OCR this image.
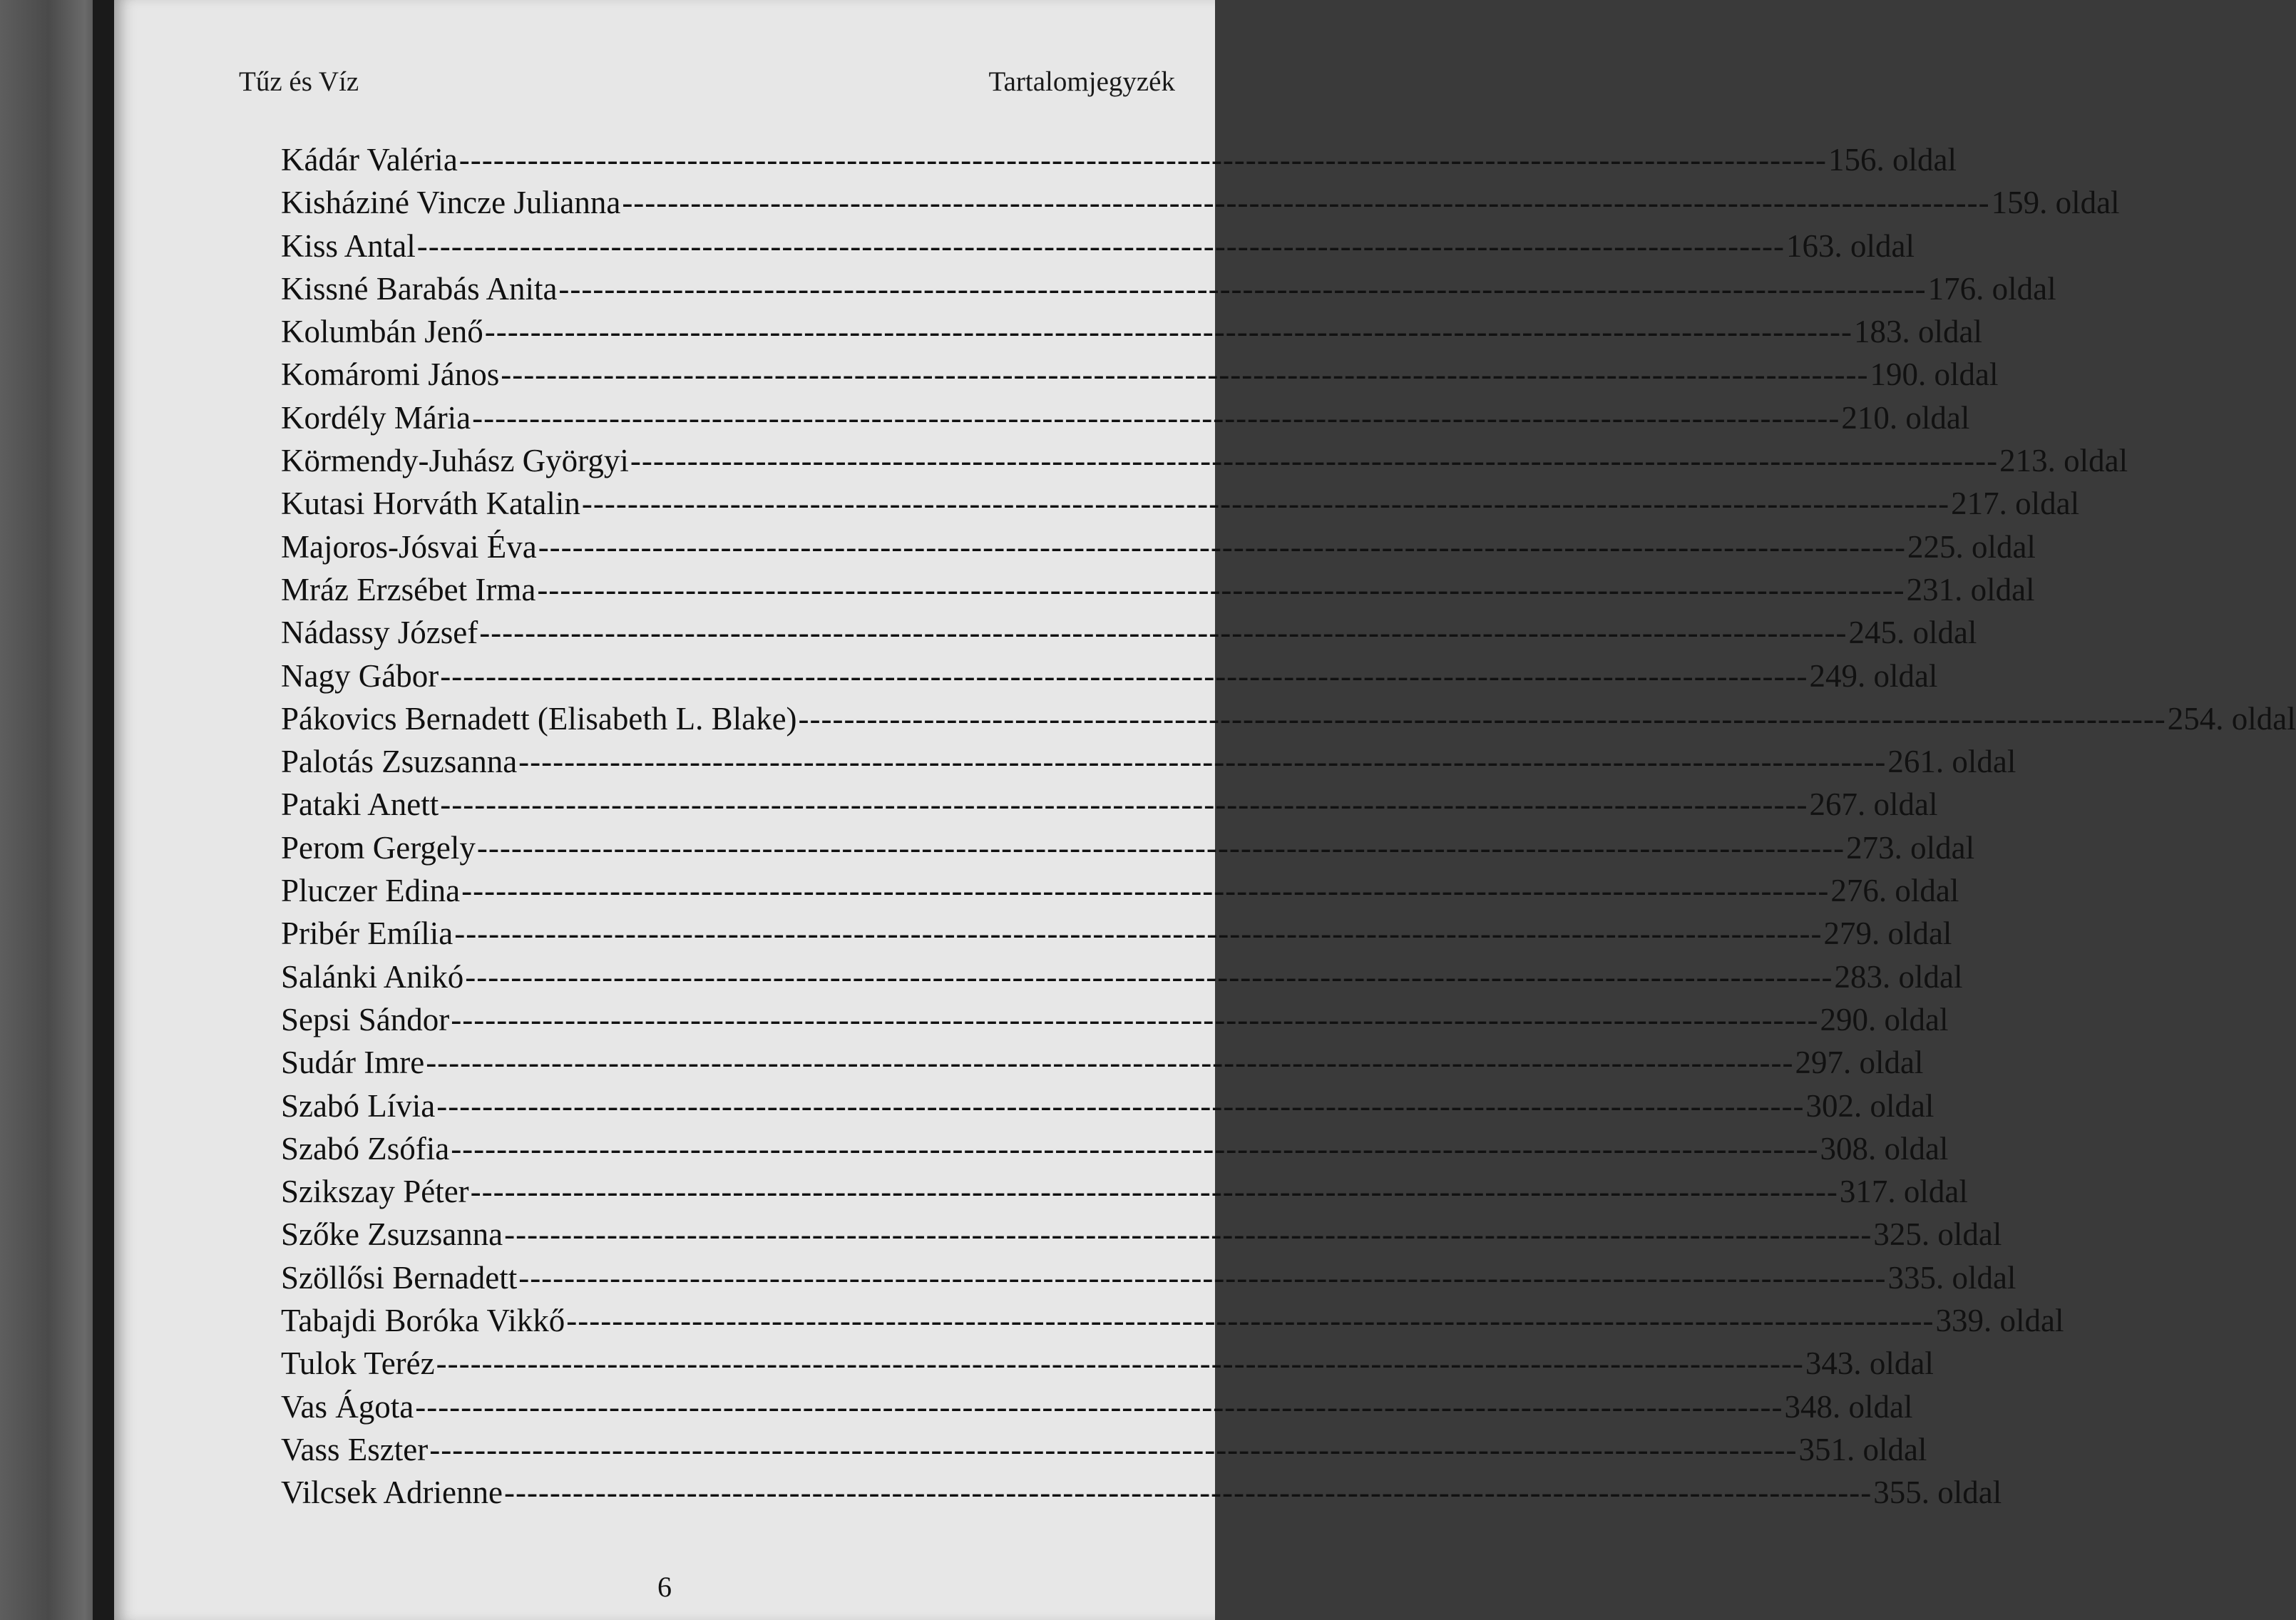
Tűz és Víz	Tartalomjegyzék
Kádár Valéria -----	156. oldal
Kisháziné Vincze Julianna -----	159. oldal
Kiss Antal -----	163. oldal
Kissné Barabás Anita -----	176. oldal
Kolumbán Jenő -----	183. oldal
Komáromi János -----	190. oldal
Kordély Mária -----	210. oldal
Körmendy-Juhász Györgyi -----	213. oldal
Kutasi Horváth Katalin -----	217. oldal
Majoros-Jósvai Éva -----	225. oldal
Mráz Erzsébet Irma -----	231. oldal
Nádassy József -----	245. oldal
Nagy Gábor -----	249. oldal
Pákovics Bernadett (Elisabeth L. Blake) -----	254. oldal
Palotás Zsuzsanna -----	261. oldal
Pataki Anett -----	267. oldal
Perom Gergely -----	273. oldal
Pluczer Edina -----	276. oldal
Pribér Emília -----	279. oldal
Salánki Anikó -----	283. oldal
Sepsi Sándor -----	290. oldal
Sudár Imre -----	297. oldal
Szabó Lívia -----	302. oldal
Szabó Zsófia -----	308. oldal
Szikszay Péter -----	317. oldal
Szőke Zsuzsanna -----	325. oldal
Szöllősi Bernadett -----	335. oldal
Tabajdi Boróka Vikkő -----	339. oldal
Tulok Teréz -----	343. oldal
Vas Ágota -----	348. oldal
Vass Eszter -----	351. oldal
Vilcsek Adrienne -----	355. oldal
6
